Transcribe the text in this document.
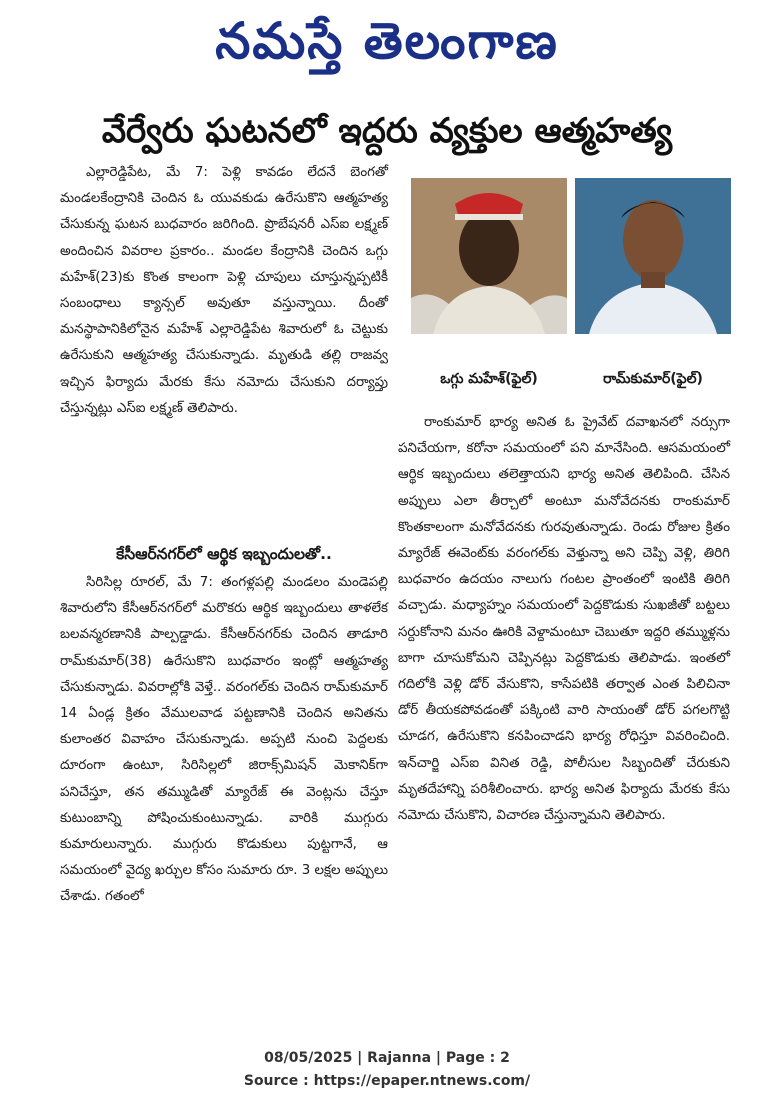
నమస్తే తెలంగాణ
వేర్వేరు ఘటనలో ఇద్దరు వ్యక్తుల ఆత్మహత్య

ఎల్లారెడ్డిపేట, మే 7: పెళ్లి కావడం లేదనే బెంగతో మండలకేంద్రానికి చెందిన ఓ యువకుడు ఉరేసుకొని ఆత్మహత్య చేసుకున్న ఘటన బుధవారం జరిగింది. ప్రొబేషనరీ ఎస్ఐ లక్ష్మణ్ అందించిన వివరాల ప్రకారం.. మండల కేంద్రానికి చెందిన ఒగ్గు మహేశ్(23)కు కొంత కాలంగా పెళ్లి చూపులు చూస్తున్నప్పటికీ సంబంధాలు క్యాన్సల్ అవుతూ వస్తున్నాయి. దీంతో మనస్థాపానికిలోనైన మహేశ్ ఎల్లారెడ్డిపేట శివారులో ఓ చెట్టుకు ఉరేసుకుని ఆత్మహత్య చేసుకున్నాడు. మృతుడి తల్లి రాజవ్వ ఇచ్చిన ఫిర్యాదు మేరకు కేసు నమోదు చేసుకుని దర్యాప్తు చేస్తున్నట్లు ఎస్ఐ లక్ష్మణ్ తెలిపారు.

కేసీఆర్‌నగర్‌లో ఆర్థిక ఇబ్బందులతో..

సిరిసిల్ల రూరల్, మే 7: తంగళ్లపల్లి మండలం మండెపల్లి శివారులోని కేసీఆర్‌నగర్‌లో మరొకరు ఆర్థిక ఇబ్బందులు తాళలేక బలవన్మరణానికి పాల్పడ్డాడు. కేసీఆర్‌నగర్‌కు చెందిన తాడూరి రామ్‌కుమార్(38) ఉరేసుకొని బుధవారం ఇంట్లో ఆత్మహత్య చేసుకున్నాడు. వివరాల్లోకి వెళ్తే.. వరంగల్‌కు చెందిన రామ్‌కుమార్ 14 ఏండ్ల క్రితం వేములవాడ పట్టణానికి చెందిన అనితను కులాంతర వివాహం చేసుకున్నాడు. అప్పటి నుంచి పెద్దలకు దూరంగా ఉంటూ, సిరిసిల్లలో జిరాక్స్‌మిషన్ మెకానిక్‌గా పనిచేస్తూ, తన తమ్ముడితో మ్యారేజ్ ఈ వెంట్లను చేస్తూ కుటుంబాన్ని పోషించుకుంటున్నాడు. వారికి ముగ్గురు కుమారులున్నారు. ముగ్గురు కొడుకులు పుట్టగానే, ఆ సమయంలో వైద్య ఖర్చుల కోసం సుమారు రూ. 3 లక్షల అప్పులు చేశాడు. గతంలో

ఒగ్గు మహేశ్(ఫైల్)	రామ్‌కుమార్(ఫైల్)

రాంకుమార్ భార్య అనిత ఓ ప్రైవేట్ దవాఖనలో నర్సుగా పనిచేయగా, కరోనా సమయంలో పని మానేసింది. ఆసమయంలో ఆర్థిక ఇబ్బందులు తలెత్తాయని భార్య అనిత తెలిపింది. చేసిన అప్పులు ఎలా తీర్చాలో అంటూ మనోవేదనకు రాంకుమార్ కొంతకాలంగా మనోవేదనకు గురవుతున్నాడు. రెండు రోజుల క్రితం మ్యారేజ్ ఈవెంట్‌కు వరంగల్‌కు వెళ్తున్నా అని చెప్పి వెళ్లి, తిరిగి బుధవారం ఉదయం నాలుగు గంటల ప్రాంతంలో ఇంటికి తిరిగి వచ్చాడు. మధ్యాహ్నం సమయంలో పెద్దకొడుకు సుఖజీతో బట్టలు సర్దుకోనాని మనం ఊరికి వెళ్దామంటూ చెబుతూ ఇద్దరి తమ్ముళ్లను బాగా చూసుకోమని చెప్పినట్లు పెద్దకొడుకు తెలిపాడు. ఇంతలో గదిలోకి వెళ్లి డోర్ వేసుకొని, కాసేపటికి తర్వాత ఎంత పిలిచినా డోర్ తీయకపోవడంతో పక్కింటి వారి సాయంతో డోర్ పగలగొట్టి చూడగ, ఉరేసుకొని కనపించాడని భార్య రోధిస్తూ వివరించింది. ఇన్‌చార్జి ఎస్ఐ వినిత రెడ్డి, పోలీసుల సిబ్బందితో చేరుకుని మృతదేహాన్ని పరిశీలించారు. భార్య అనిత ఫిర్యాదు మేరకు కేసు నమోదు చేసుకొని, విచారణ చేస్తున్నామని తెలిపారు.

08/05/2025 | Rajanna | Page : 2
Source : https://epaper.ntnews.com/
